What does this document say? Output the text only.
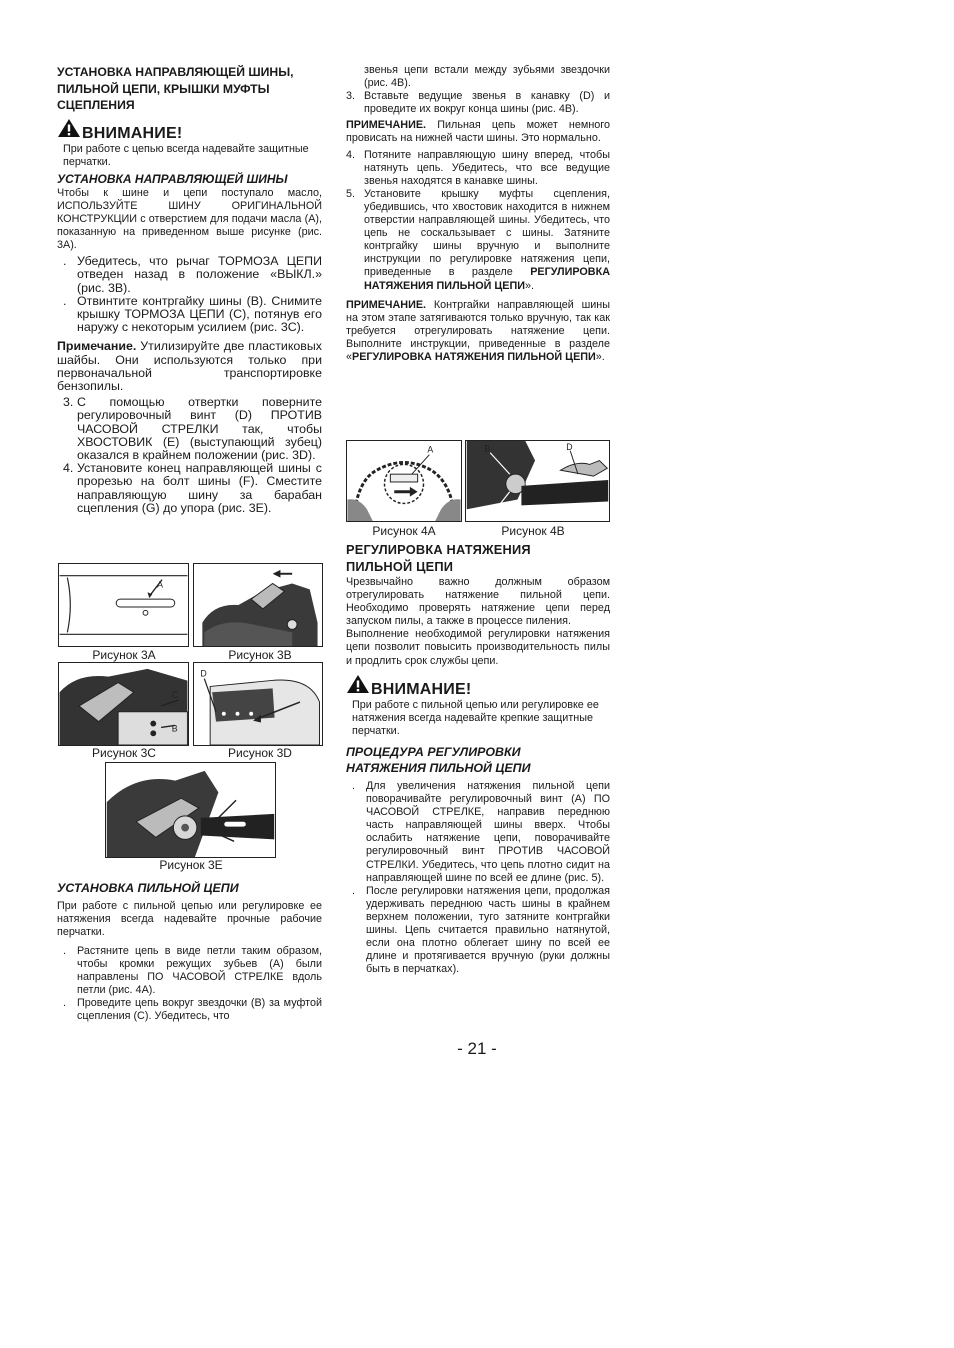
УСТАНОВКА НАПРАВЛЯЮЩЕЙ ШИНЫ, ПИЛЬНОЙ ЦЕПИ, КРЫШКИ МУФТЫ СЦЕПЛЕНИЯ
ВНИМАНИЕ!
При работе с цепью всегда надевайте защитные перчатки.
УСТАНОВКА НАПРАВЛЯЮЩЕЙ ШИНЫ

Чтобы к шине и цепи поступало масло, ИСПОЛЬЗУЙТЕ ШИНУ ОРИГИНАЛЬНОЙ КОНСТРУКЦИИ с отверстием для подачи масла (A), показанную на приведенном выше рисунке (рис. 3A).

. Убедитесь, что рычаг ТОРМОЗА ЦЕПИ отведен назад в положение «ВЫКЛ.» (рис. 3B).
. Отвинтите контргайку шины (B). Снимите крышку ТОРМОЗА ЦЕПИ (C), потянув его наружу с некоторым усилием (рис. 3C).

Примечание. Утилизируйте две пластиковых шайбы. Они используются только при первоначальной транспортировке бензопилы.

3. С помощью отвертки поверните регулировочный винт (D) ПРОТИВ ЧАСОВОЙ СТРЕЛКИ так, чтобы ХВОСТОВИК (E) (выступающий зубец) оказался в крайнем положении (рис. 3D).
4. Установите конец направляющей шины с прорезью на болт шины (F). Сместите направляющую шину за барабан сцепления (G) до упора (рис. 3E).
A
Рисунок 3A	Рисунок 3B
C
B
Рисунок 3C
D
Рисунок 3D
Рисунок 3E
УСТАНОВКА ПИЛЬНОЙ ЦЕПИ

При работе с пильной цепью или регулировке ее натяжения всегда надевайте прочные рабочие перчатки.

.	Растяните цепь в виде петли таким образом, чтобы кромки режущих зубьев (A) были направлены ПО ЧАСОВОЙ СТРЕЛКЕ вдоль петли (рис. 4A).
.	Проведите цепь вокруг звездочки (B) за муфтой сцепления (C). Убедитесь, что

звенья цепи встали между зубьями звездочки (рис. 4B).

3. Вставьте ведущие звенья в канавку (D) и проведите их вокруг конца шины (рис. 4B).

ПРИМЕЧАНИЕ. Пильная цепь может немного провисать на нижней части шины. Это нормально.

4. Потяните направляющую шину вперед, чтобы натянуть цепь. Убедитесь, что все ведущие звенья находятся в канавке шины.
5. Установите крышку муфты сцепления, убедившись, что хвостовик находится в нижнем отверстии направляющей шины. Убедитесь, что цепь не соскальзывает с шины. Затяните контргайку шины вручную и выполните инструкции по регулировке натяжения цепи, приведенные в разделе РЕГУЛИРОВКА НАТЯЖЕНИЯ ПИЛЬНОЙ ЦЕПИ».

ПРИМЕЧАНИЕ. Контргайки направляющей шины на этом этапе затягиваются только вручную, так как требуется отрегулировать натяжение цепи. Выполните инструкции, приведенные в разделе «РЕГУЛИРОВКА НАТЯЖЕНИЯ ПИЛЬНОЙ ЦЕПИ».

A
Рисунок 4A
B
C
D
Рисунок 4B
РЕГУЛИРОВКА НАТЯЖЕНИЯ ПИЛЬНОЙ ЦЕПИ

Чрезвычайно важно должным образом отрегулировать натяжение пильной цепи. Необходимо проверять натяжение цепи перед запуском пилы, а также в процессе пиления.

Выполнение необходимой регулировки натяжения цепи позволит повысить производительность пилы и продлить срок службы цепи.

ВНИМАНИЕ!
При работе с пильной цепью или регулировке ее натяжения всегда надевайте крепкие защитные перчатки.
ПРОЦЕДУРА РЕГУЛИРОВКИ НАТЯЖЕНИЯ ПИЛЬНОЙ ЦЕПИ
.	Для увеличения натяжения пильной цепи поворачивайте регулировочный винт (A) ПО ЧАСОВОЙ СТРЕЛКЕ, направив переднюю часть направляющей шины вверх. Чтобы ослабить натяжение цепи, поворачивайте регулировочный винт ПРОТИВ ЧАСОВОЙ СТРЕЛКИ. Убедитесь, что цепь плотно сидит на направляющей шине по всей ее длине (рис. 5).
.	После регулировки натяжения цепи, продолжая удерживать переднюю часть шины в крайнем верхнем положении, туго затяните контргайки шины. Цепь считается правильно натянутой, если она плотно облегает шину по всей ее длине и протягивается вручную (руки должны быть в перчатках).
- 21 -
